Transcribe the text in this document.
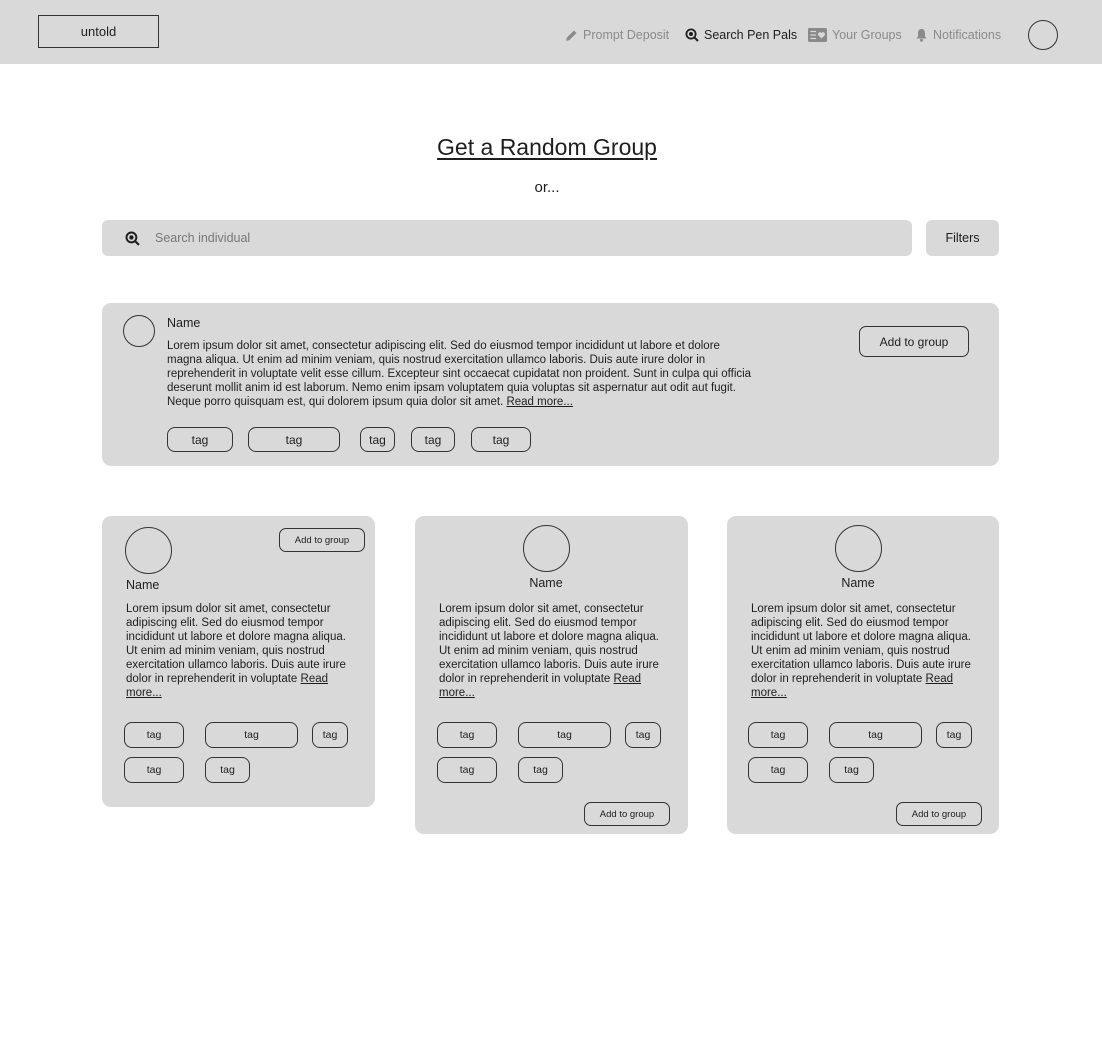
untold	Prompt Deposit	Search Pen Pals	Your Groups	Notifications
Get a Random Group
or...
Search individual
Filters
Name
Lorem ipsum dolor sit amet, consectetur adipiscing elit. Sed do eiusmod tempor incididunt ut labore et dolore magna aliqua. Ut enim ad minim veniam, quis nostrud exercitation ullamco laboris. Duis aute irure dolor in reprehenderit in voluptate velit esse cillum. Excepteur sint occaecat cupidatat non proident. Sunt in culpa qui officia deserunt mollit anim id est laborum. Nemo enim ipsam voluptatem quia voluptas sit aspernatur aut odit aut fugit. Neque porro quisquam est, qui dolorem ipsum quia dolor sit amet. Read more...
Add to group
tag	tag	tag	tag	tag
Add to group
Name
Lorem ipsum dolor sit amet, consectetur adipiscing elit. Sed do eiusmod tempor incididunt ut labore et dolore magna aliqua. Ut enim ad minim veniam, quis nostrud exercitation ullamco laboris. Duis aute irure dolor in reprehenderit in voluptate Read more...
tag	tag	tag
tag	tag
Name
Lorem ipsum dolor sit amet, consectetur adipiscing elit. Sed do eiusmod tempor incididunt ut labore et dolore magna aliqua. Ut enim ad minim veniam, quis nostrud exercitation ullamco laboris. Duis aute irure dolor in reprehenderit in voluptate Read more...
tag	tag	tag
tag	tag
Add to group
Name
Lorem ipsum dolor sit amet, consectetur adipiscing elit. Sed do eiusmod tempor incididunt ut labore et dolore magna aliqua. Ut enim ad minim veniam, quis nostrud exercitation ullamco laboris. Duis aute irure dolor in reprehenderit in voluptate Read more...
tag	tag	tag
tag	tag
Add to group
